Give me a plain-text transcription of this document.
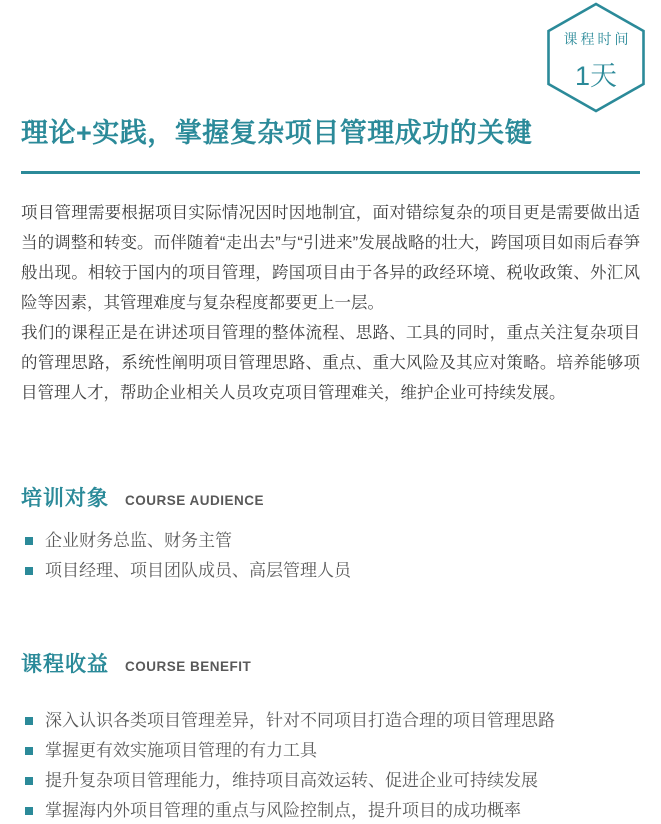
课程时间
1天
理论+实践，掌握复杂项目管理成功的关键

项目管理需要根据项目实际情况因时因地制宜，面对错综复杂的项目更是需要做出适当的调整和转变。而伴随着“走出去”与“引进来”发展战略的壮大，跨国项目如雨后春笋般出现。相较于国内的项目管理，跨国项目由于各异的政经环境、税收政策、外汇风险等因素，其管理难度与复杂程度都要更上一层。

我们的课程正是在讲述项目管理的整体流程、思路、工具的同时，重点关注复杂项目的管理思路，系统性阐明项目管理思路、重点、重大风险及其应对策略。培养能够项目管理人才，帮助企业相关人员攻克项目管理难关，维护企业可持续发展。

培训对象 COURSE AUDIENCE
企业财务总监、财务主管
项目经理、项目团队成员、高层管理人员
课程收益 COURSE BENEFIT
深入认识各类项目管理差异，针对不同项目打造合理的项目管理思路
掌握更有效实施项目管理的有力工具
提升复杂项目管理能力，维持项目高效运转、促进企业可持续发展
掌握海内外项目管理的重点与风险控制点，提升项目的成功概率
